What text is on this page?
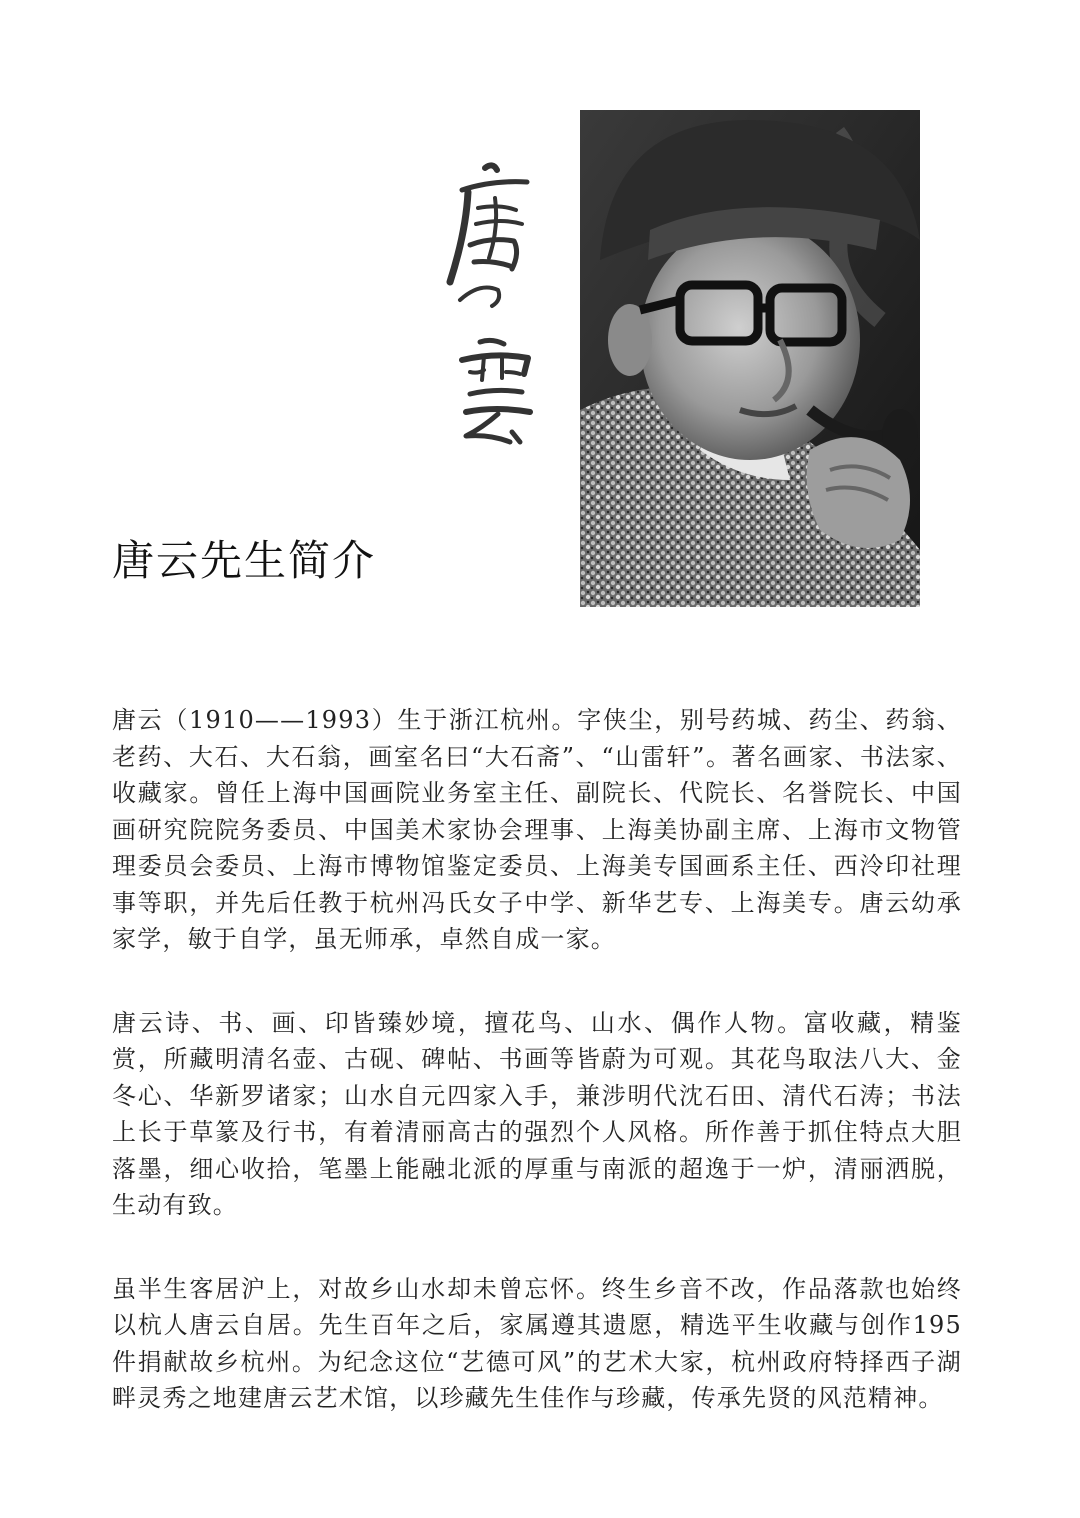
唐云先生简介

唐云（1910——1993）生于浙江杭州。字侠尘，别号药城、药尘、药翁、老药、大石、大石翁，画室名曰“大石斋”、“山雷轩”。著名画家、书法家、收藏家。曾任上海中国画院业务室主任、副院长、代院长、名誉院长、中国画研究院院务委员、中国美术家协会理事、上海美协副主席、上海市文物管理委员会委员、上海市博物馆鉴定委员、上海美专国画系主任、西泠印社理事等职，并先后任教于杭州冯氏女子中学、新华艺专、上海美专。唐云幼承家学，敏于自学，虽无师承，卓然自成一家。

唐云诗、书、画、印皆臻妙境，擅花鸟、山水、偶作人物。富收藏，精鉴赏，所藏明清名壶、古砚、碑帖、书画等皆蔚为可观。其花鸟取法八大、金冬心、华新罗诸家；山水自元四家入手，兼涉明代沈石田、清代石涛；书法上长于草篆及行书，有着清丽高古的强烈个人风格。所作善于抓住特点大胆落墨，细心收拾，笔墨上能融北派的厚重与南派的超逸于一炉，清丽洒脱，生动有致。

虽半生客居沪上，对故乡山水却未曾忘怀。终生乡音不改，作品落款也始终以杭人唐云自居。先生百年之后，家属遵其遗愿，精选平生收藏与创作195件捐献故乡杭州。为纪念这位“艺德可风”的艺术大家，杭州政府特择西子湖畔灵秀之地建唐云艺术馆，以珍藏先生佳作与珍藏，传承先贤的风范精神。
